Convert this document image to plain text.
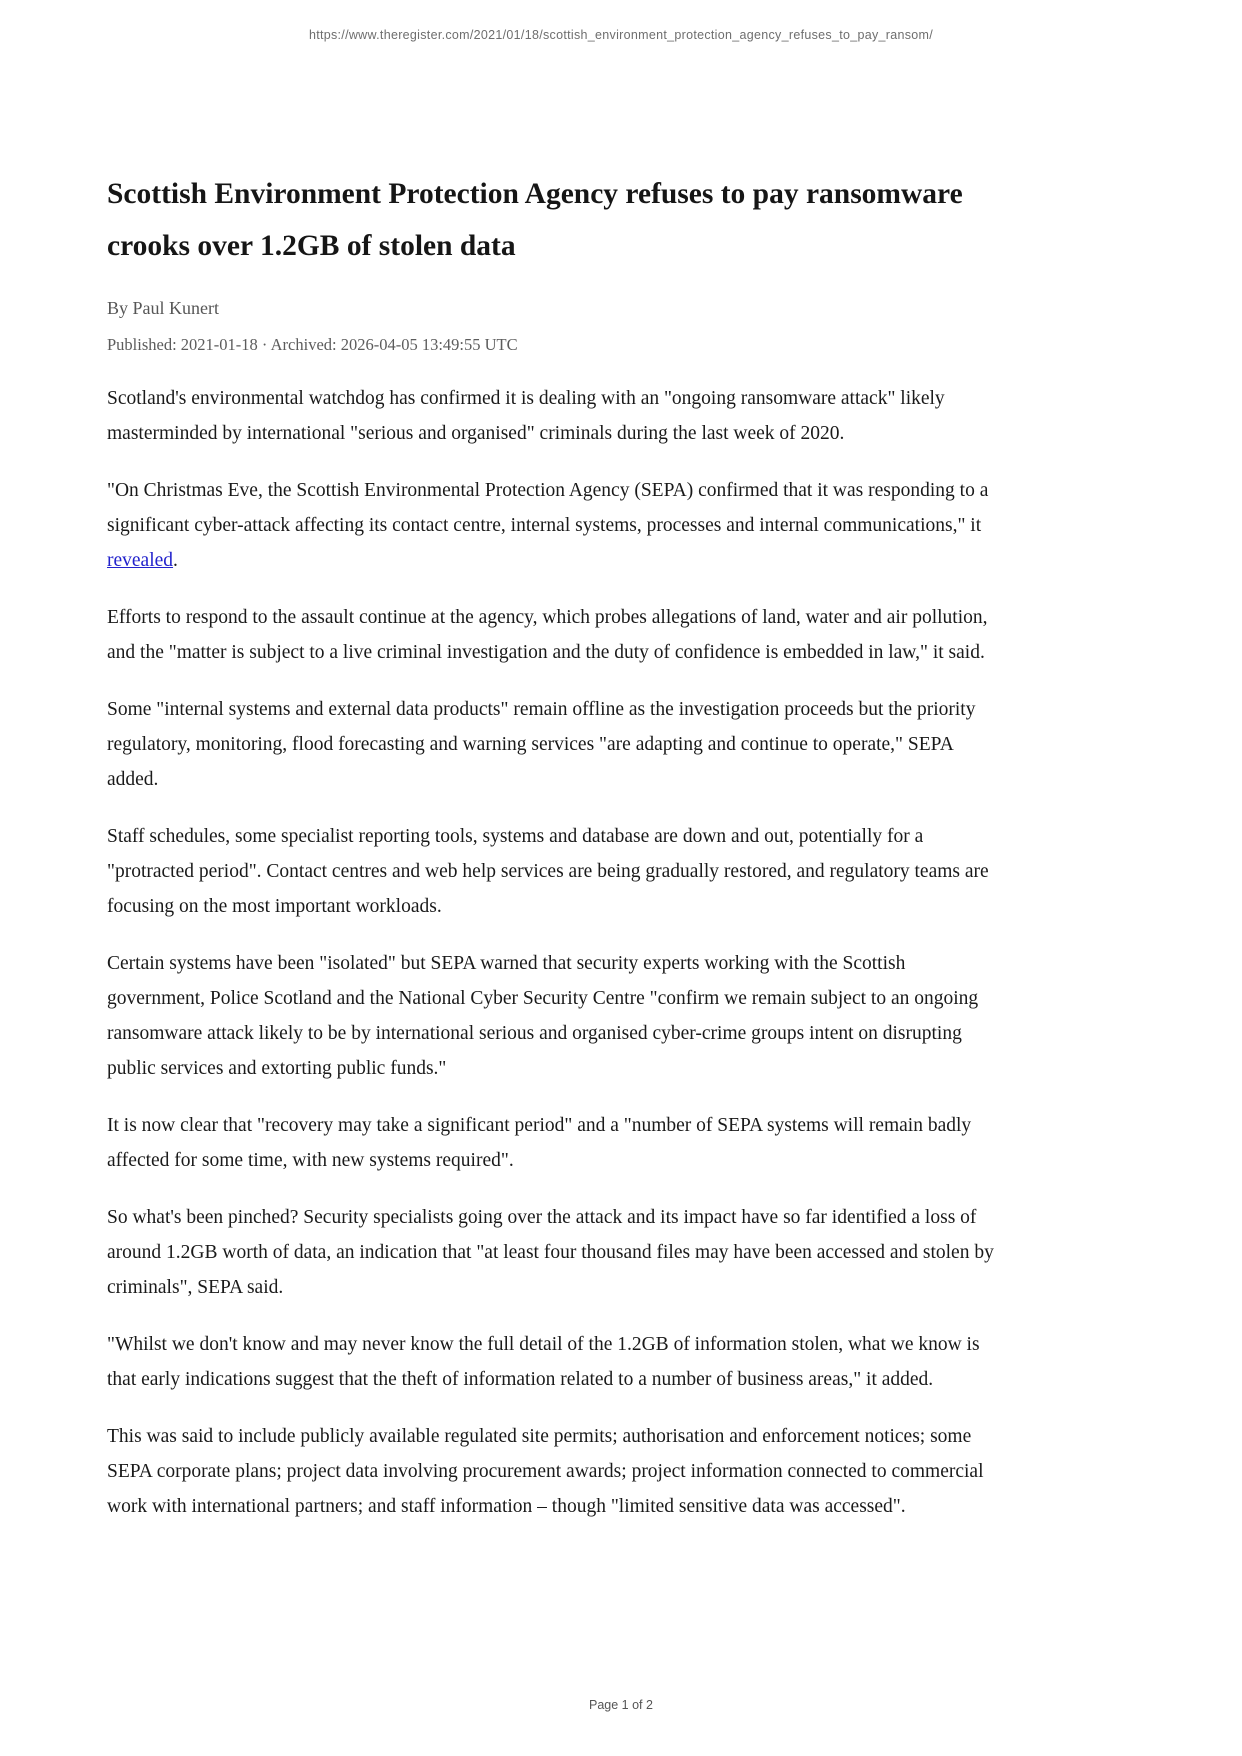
https://www.theregister.com/2021/01/18/scottish_environment_protection_agency_refuses_to_pay_ransom/
Scottish Environment Protection Agency refuses to pay ransomware crooks over 1.2GB of stolen data
By Paul Kunert
Published: 2021-01-18 · Archived: 2026-04-05 13:49:55 UTC

Scotland's environmental watchdog has confirmed it is dealing with an "ongoing ransomware attack" likely masterminded by international "serious and organised" criminals during the last week of 2020.

"On Christmas Eve, the Scottish Environmental Protection Agency (SEPA) confirmed that it was responding to a significant cyber-attack affecting its contact centre, internal systems, processes and internal communications," it revealed.

Efforts to respond to the assault continue at the agency, which probes allegations of land, water and air pollution, and the "matter is subject to a live criminal investigation and the duty of confidence is embedded in law," it said.

Some "internal systems and external data products" remain offline as the investigation proceeds but the priority regulatory, monitoring, flood forecasting and warning services "are adapting and continue to operate," SEPA added.

Staff schedules, some specialist reporting tools, systems and database are down and out, potentially for a "protracted period". Contact centres and web help services are being gradually restored, and regulatory teams are focusing on the most important workloads.

Certain systems have been "isolated" but SEPA warned that security experts working with the Scottish government, Police Scotland and the National Cyber Security Centre "confirm we remain subject to an ongoing ransomware attack likely to be by international serious and organised cyber-crime groups intent on disrupting public services and extorting public funds."

It is now clear that "recovery may take a significant period" and a "number of SEPA systems will remain badly affected for some time, with new systems required".

So what's been pinched? Security specialists going over the attack and its impact have so far identified a loss of around 1.2GB worth of data, an indication that "at least four thousand files may have been accessed and stolen by criminals", SEPA said.

"Whilst we don't know and may never know the full detail of the 1.2GB of information stolen, what we know is that early indications suggest that the theft of information related to a number of business areas," it added.

This was said to include publicly available regulated site permits; authorisation and enforcement notices; some SEPA corporate plans; project data involving procurement awards; project information connected to commercial work with international partners; and staff information – though "limited sensitive data was accessed".

Page 1 of 2
